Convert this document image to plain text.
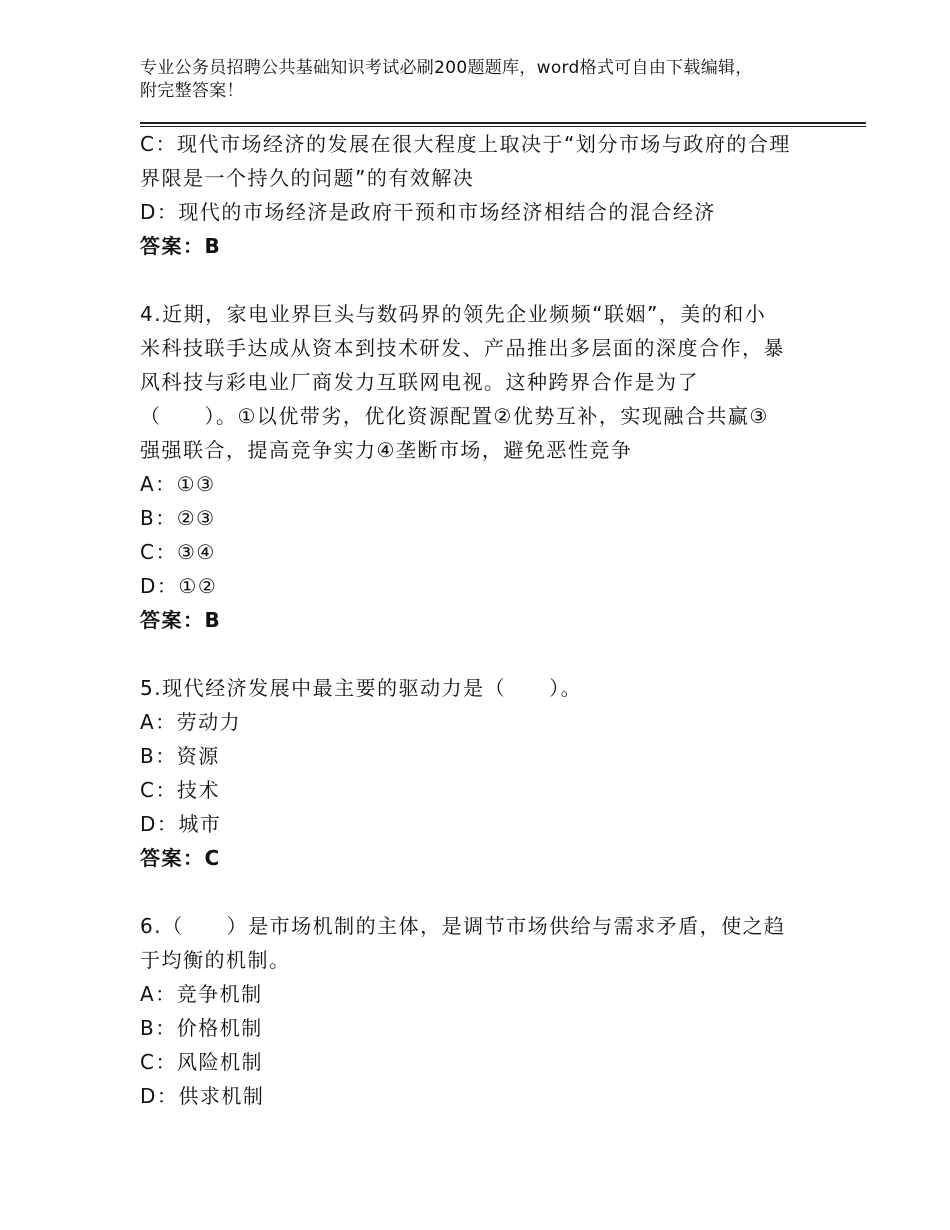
专业公务员招聘公共基础知识考试必刷200题题库，word格式可自由下载编辑，
附完整答案！
C：现代市场经济的发展在很大程度上取决于“划分市场与政府的合理
界限是一个持久的问题”的有效解决
D：现代的市场经济是政府干预和市场经济相结合的混合经济
答案：B
4.近期，家电业界巨头与数码界的领先企业频频“联姻”，美的和小
米科技联手达成从资本到技术研发、产品推出多层面的深度合作，暴
风科技与彩电业厂商发力互联网电视。这种跨界合作是为了
（　　）。①以优带劣，优化资源配置②优势互补，实现融合共赢③
强强联合，提高竞争实力④垄断市场，避免恶性竞争
A：①③
B：②③
C：③④
D：①②
答案：B
5.现代经济发展中最主要的驱动力是（　　）。
A：劳动力
B：资源
C：技术
D：城市
答案：C
6.（　　）是市场机制的主体，是调节市场供给与需求矛盾，使之趋
于均衡的机制。
A：竞争机制
B：价格机制
C：风险机制
D：供求机制
